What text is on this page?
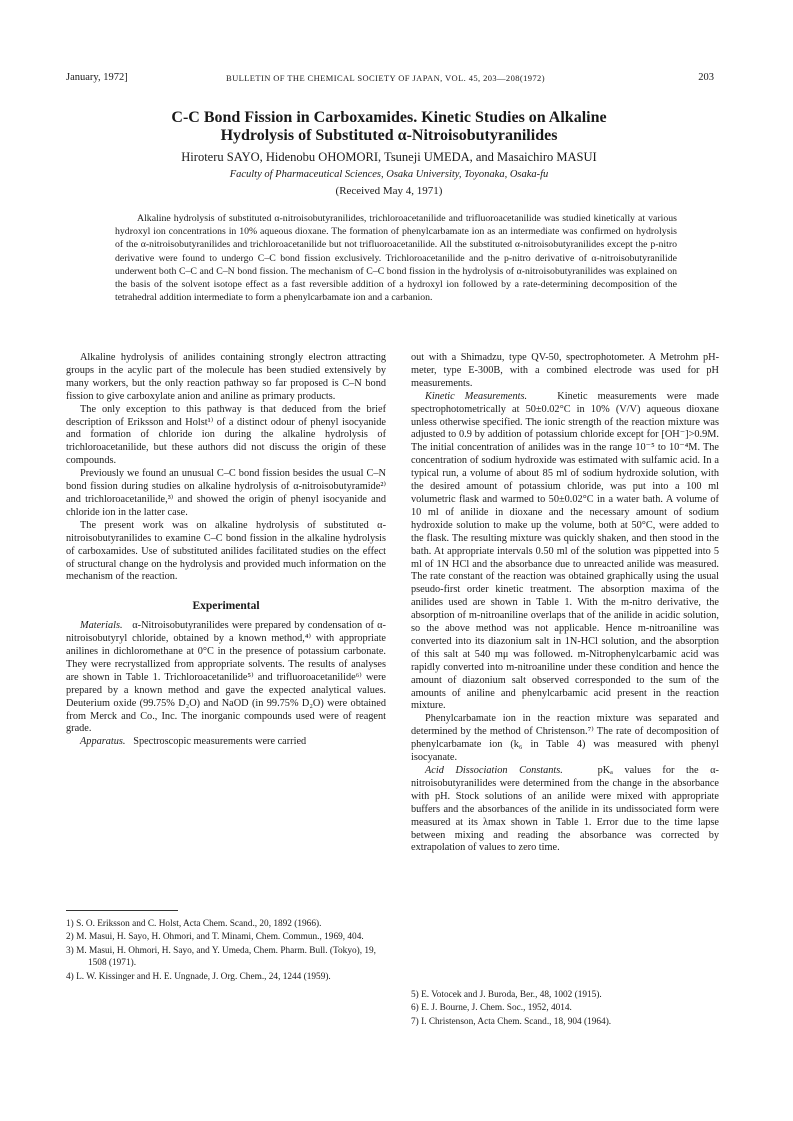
January, 1972]	BULLETIN OF THE CHEMICAL SOCIETY OF JAPAN, VOL. 45, 203—208(1972)	203
C-C Bond Fission in Carboxamides. Kinetic Studies on Alkaline
Hydrolysis of Substituted α-Nitroisobutyranilides
Hiroteru SAYO, Hidenobu OHOMORI, Tsuneji UMEDA, and Masaichiro MASUI
Faculty of Pharmaceutical Sciences, Osaka University, Toyonaka, Osaka-fu
(Received May 4, 1971)

Alkaline hydrolysis of substituted α-nitroisobutyranilides, trichloroacetanilide and trifluoroacetanilide was studied kinetically at various hydroxyl ion concentrations in 10% aqueous dioxane. The formation of phenylcarbamate ion as an intermediate was confirmed on hydrolysis of the α-nitroisobutyranilides and trichloroacetanilide but not trifluoroacetanilide. All the substituted α-nitroisobutyranilides except the p-nitro derivative were found to undergo C–C bond fission exclusively. Trichloroacetanilide and the p-nitro derivative of α-nitroisobutyranilide underwent both C–C and C–N bond fission. The mechanism of C–C bond fission in the hydrolysis of α-nitroisobutyranilides was explained on the basis of the solvent isotope effect as a fast reversible addition of a hydroxyl ion followed by a rate-determining decomposition of the tetrahedral addition intermediate to form a phenylcarbamate ion and a carbanion.

Alkaline hydrolysis of anilides containing strongly electron attracting groups in the acylic part of the molecule has been studied extensively by many workers, but the only reaction pathway so far proposed is C–N bond fission to give carboxylate anion and aniline as primary products.

The only exception to this pathway is that deduced from the brief description of Eriksson and Holst¹⁾ of a distinct odour of phenyl isocyanide and formation of chloride ion during the alkaline hydrolysis of trichloroacetanilide, but these authors did not discuss the origin of these compounds.

Previously we found an unusual C–C bond fission besides the usual C–N bond fission during studies on alkaline hydrolysis of α-nitroisobutyramide²⁾ and trichloroacetanilide,³⁾ and showed the origin of phenyl isocyanide and chloride ion in the latter case.

The present work was on alkaline hydrolysis of substituted α-nitroisobutyranilides to examine C–C bond fission in the alkaline hydrolysis of carboxamides. Use of substituted anilides facilitated studies on the effect of structural change on the hydrolysis and provided much information on the mechanism of the reaction.

Experimental

Materials. α-Nitroisobutyranilides were prepared by condensation of α-nitroisobutyryl chloride, obtained by a known method,⁴⁾ with appropriate anilines in dichloromethane at 0°C in the presence of potassium carbonate. They were recrystallized from appropriate solvents. The results of analyses are shown in Table 1. Trichloroacetanilide⁵⁾ and trifluoroacetanilide⁶⁾ were prepared by a known method and gave the expected analytical values. Deuterium oxide (99.75% D₂O) and NaOD (in 99.75% D₂O) were obtained from Merck and Co., Inc. The inorganic compounds used were of reagent grade.

Apparatus. Spectroscopic measurements were carried

1) S. O. Eriksson and C. Holst, Acta Chem. Scand., 20, 1892 (1966).

2) M. Masui, H. Sayo, H. Ohmori, and T. Minami, Chem. Commun., 1969, 404.

3) M. Masui, H. Ohmori, H. Sayo, and Y. Umeda, Chem. Pharm. Bull. (Tokyo), 19, 1508 (1971).

4) L. W. Kissinger and H. E. Ungnade, J. Org. Chem., 24, 1244 (1959).

out with a Shimadzu, type QV-50, spectrophotometer. A Metrohm pH-meter, type E-300B, with a combined electrode was used for pH measurements.

Kinetic Measurements.	Kinetic measurements were made spectrophotometrically at 50±0.02°C in 10% (V/V) aqueous dioxane unless otherwise specified. The ionic strength of the reaction mixture was adjusted to 0.9 by addition of potassium chloride except for [OH⁻]>0.9M. The initial concentration of anilides was in the range 10⁻⁵ to 10⁻⁴M. The concentration of sodium hydroxide was estimated with sulfamic acid. In a typical run, a volume of about 85 ml of sodium hydroxide solution, with the desired amount of potassium chloride, was put into a 100 ml volumetric flask and warmed to 50±0.02°C in a water bath. A volume of 10 ml of anilide in dioxane and the necessary amount of sodium hydroxide solution to make up the volume, both at 50°C, were added to the flask. The resulting mixture was quickly shaken, and then stood in the bath. At appropriate intervals 0.50 ml of the solution was pippetted into 5 ml of 1N HCl and the absorbance due to unreacted anilide was measured. The rate constant of the reaction was obtained graphically using the usual pseudo-first order kinetic treatment. The absorption maxima of the anilides used are shown in Table 1. With the m-nitro derivative, the absorption of m-nitroaniline overlaps that of the anilide in acidic solution, so the above method was not applicable. Hence m-nitroaniline was converted into its diazonium salt in 1N-HCl solution, and the absorption of this salt at 540 mμ was followed. m-Nitrophenylcarbamic acid was rapidly converted into m-nitroaniline under these condition and hence the amount of diazonium salt observed corresponded to the sum of the amounts of aniline and phenylcarbamic acid present in the reaction mixture.

Phenylcarbamate ion in the reaction mixture was separated and determined by the method of Christenson.⁷⁾ The rate of decomposition of phenylcarbamate ion (k₆ in Table 4) was measured with phenyl isocyanate.

Acid Dissociation Constants.	pKₐ values for the α-nitroisobutyranilides were determined from the change in the absorbance with pH. Stock solutions of an anilide were mixed with appropriate buffers and the absorbances of the anilide in its undissociated form were measured at its λmax shown in Table 1. Error due to the time lapse between mixing and reading the absorbance was corrected by extrapolation of values to zero time.

5) E. Votocek and J. Buroda, Ber., 48, 1002 (1915).

6) E. J. Bourne, J. Chem. Soc., 1952, 4014.

7) I. Christenson, Acta Chem. Scand., 18, 904 (1964).
